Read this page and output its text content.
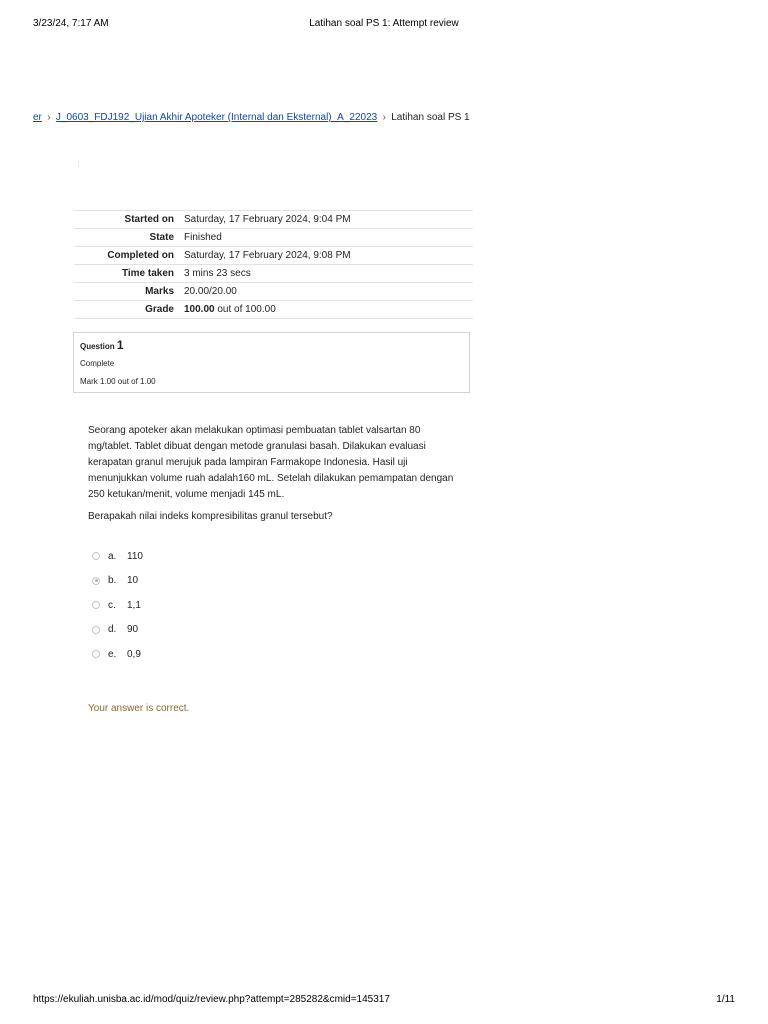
3/23/24, 7:17 AM	Latihan soal PS 1: Attempt review
er › J_0603_FDJ192_Ujian Akhir Apoteker (Internal dan Eksternal)_A_22023 › Latihan soal PS 1
Started on	Saturday, 17 February 2024, 9:04 PM
State	Finished
Completed on	Saturday, 17 February 2024, 9:08 PM
Time taken	3 mins 23 secs
Marks	20.00/20.00
Grade	100.00 out of 100.00
Question 1
Complete
Mark 1.00 out of 1.00

Seorang apoteker akan melakukan optimasi pembuatan tablet valsartan 80 mg/tablet. Tablet dibuat dengan metode granulasi basah. Dilakukan evaluasi kerapatan granul merujuk pada lampiran Farmakope Indonesia. Hasil uji menunjukkan volume ruah adalah160 mL. Setelah dilakukan pemampatan dengan 250 ketukan/menit, volume menjadi 145 mL.

Berapakah nilai indeks kompresibilitas granul tersebut?

a.	110
b.	10
c.	1,1
d.	90
e.	0,9
Your answer is correct.
https://ekuliah.unisba.ac.id/mod/quiz/review.php?attempt=285282&cmid=145317	1/11
